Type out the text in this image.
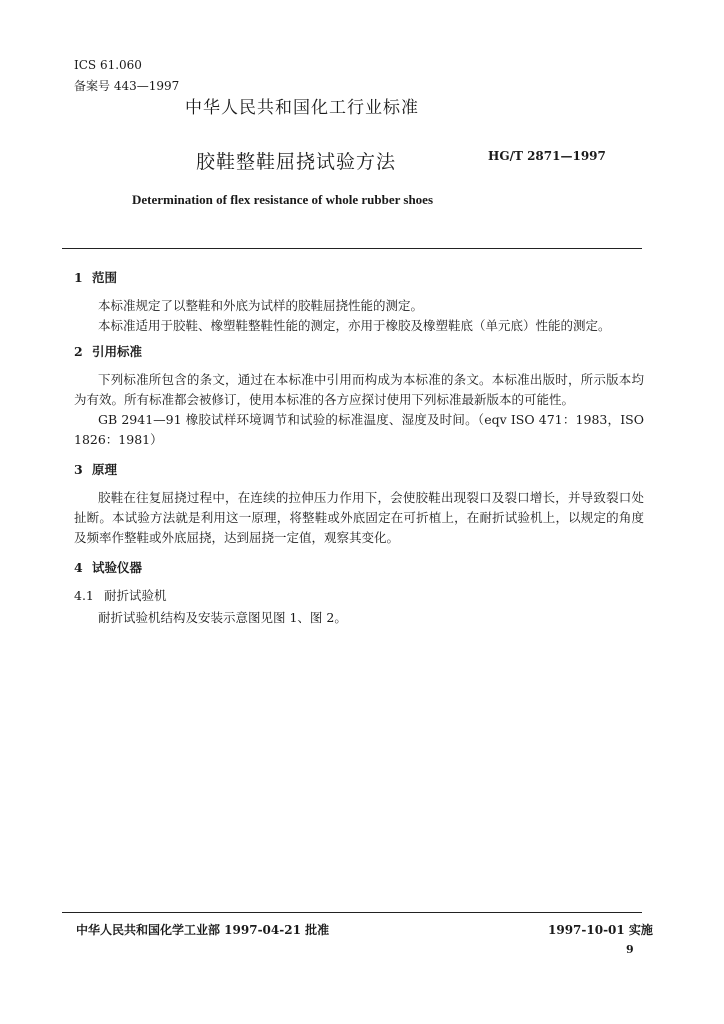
ICS 61.060
备案号 443—1997
中华人民共和国化工行业标准
胶鞋整鞋屈挠试验方法	HG/T 2871—1997
Determination of flex resistance of whole rubber shoes
1 范围

本标准规定了以整鞋和外底为试样的胶鞋屈挠性能的测定。

本标准适用于胶鞋、橡塑鞋整鞋性能的测定，亦用于橡胶及橡塑鞋底（单元底）性能的测定。

2 引用标准

下列标准所包含的条文，通过在本标准中引用而构成为本标准的条文。本标准出版时，所示版本均为有效。所有标准都会被修订，使用本标准的各方应探讨使用下列标准最新版本的可能性。

GB 2941—91 橡胶试样环境调节和试验的标准温度、湿度及时间。（eqv ISO 471：1983，ISO 1826：1981）

3 原理

胶鞋在往复屈挠过程中，在连续的拉伸压力作用下，会使胶鞋出现裂口及裂口增长，并导致裂口处扯断。本试验方法就是利用这一原理，将整鞋或外底固定在可折植上，在耐折试验机上，以规定的角度及频率作整鞋或外底屈挠，达到屈挠一定值，观察其变化。

4 试验仪器
4.1 耐折试验机

耐折试验机结构及安装示意图见图 1、图 2。

中华人民共和国化学工业部 1997-04-21 批准	1997-10-01 实施
9
